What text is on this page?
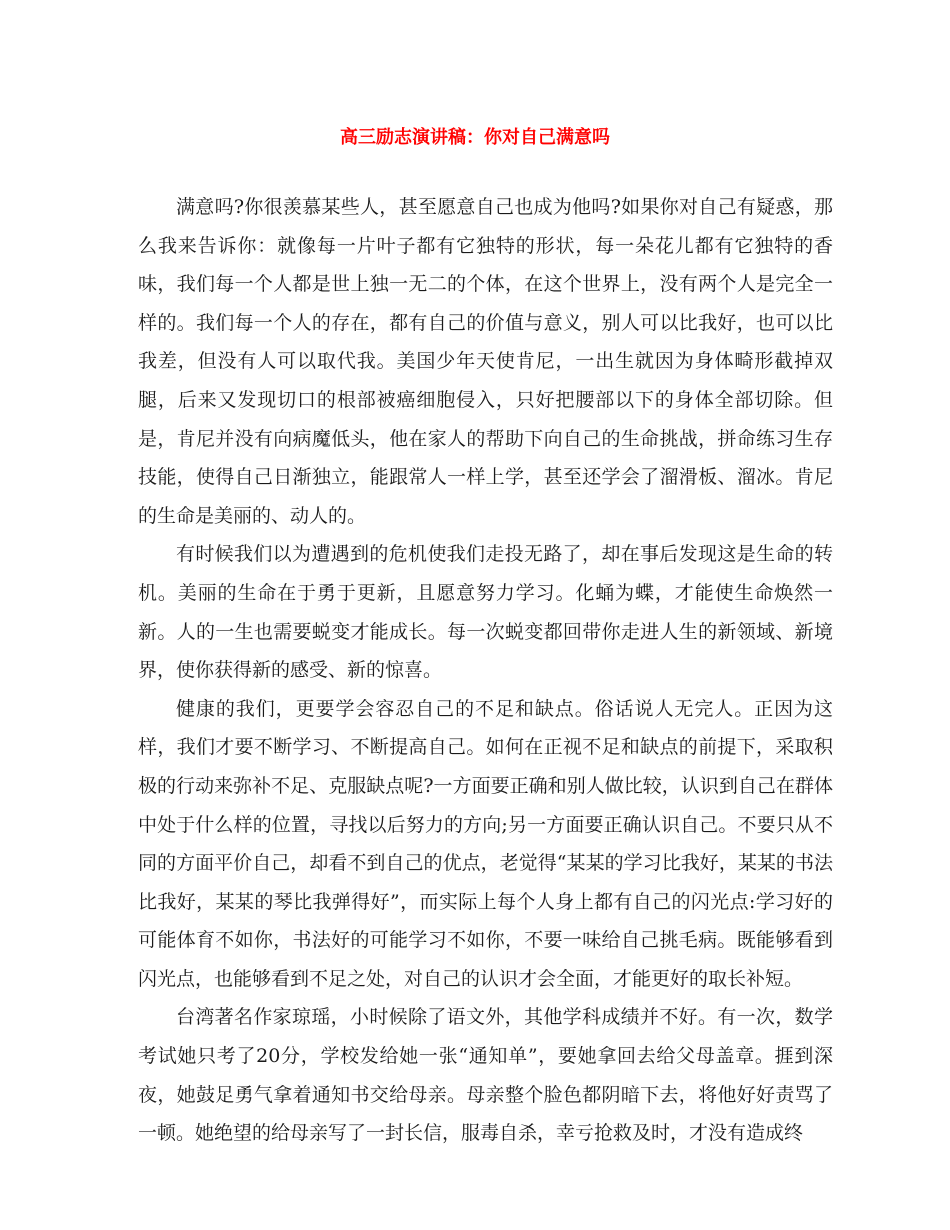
高三励志演讲稿：你对自己满意吗

满意吗?你很羡慕某些人，甚至愿意自己也成为他吗?如果你对自己有疑惑，那么我来告诉你：就像每一片叶子都有它独特的形状，每一朵花儿都有它独特的香味，我们每一个人都是世上独一无二的个体，在这个世界上，没有两个人是完全一样的。我们每一个人的存在，都有自己的价值与意义，别人可以比我好，也可以比我差，但没有人可以取代我。美国少年天使肯尼，一出生就因为身体畸形截掉双腿，后来又发现切口的根部被癌细胞侵入，只好把腰部以下的身体全部切除。但是，肯尼并没有向病魔低头，他在家人的帮助下向自己的生命挑战，拼命练习生存技能，使得自己日渐独立，能跟常人一样上学，甚至还学会了溜滑板、溜冰。肯尼的生命是美丽的、动人的。

有时候我们以为遭遇到的危机使我们走投无路了，却在事后发现这是生命的转机。美丽的生命在于勇于更新，且愿意努力学习。化蛹为蝶，才能使生命焕然一新。人的一生也需要蜕变才能成长。每一次蜕变都回带你走进人生的新领域、新境界，使你获得新的感受、新的惊喜。

健康的我们，更要学会容忍自己的不足和缺点。俗话说人无完人。正因为这样，我们才要不断学习、不断提高自己。如何在正视不足和缺点的前提下，采取积极的行动来弥补不足、克服缺点呢?一方面要正确和别人做比较，认识到自己在群体中处于什么样的位置，寻找以后努力的方向;另一方面要正确认识自己。不要只从不同的方面平价自己，却看不到自己的优点，老觉得“某某的学习比我好，某某的书法比我好，某某的琴比我弹得好”，而实际上每个人身上都有自己的闪光点:学习好的可能体育不如你，书法好的可能学习不如你，不要一味给自己挑毛病。既能够看到闪光点，也能够看到不足之处，对自己的认识才会全面，才能更好的取长补短。

台湾著名作家琼瑶，小时候除了语文外，其他学科成绩并不好。有一次，数学考试她只考了20分，学校发给她一张“通知单”，要她拿回去给父母盖章。捱到深夜，她鼓足勇气拿着通知书交给母亲。母亲整个脸色都阴暗下去，将他好好责骂了一顿。她绝望的给母亲写了一封长信，服毒自杀，幸亏抢救及时，才没有造成终
